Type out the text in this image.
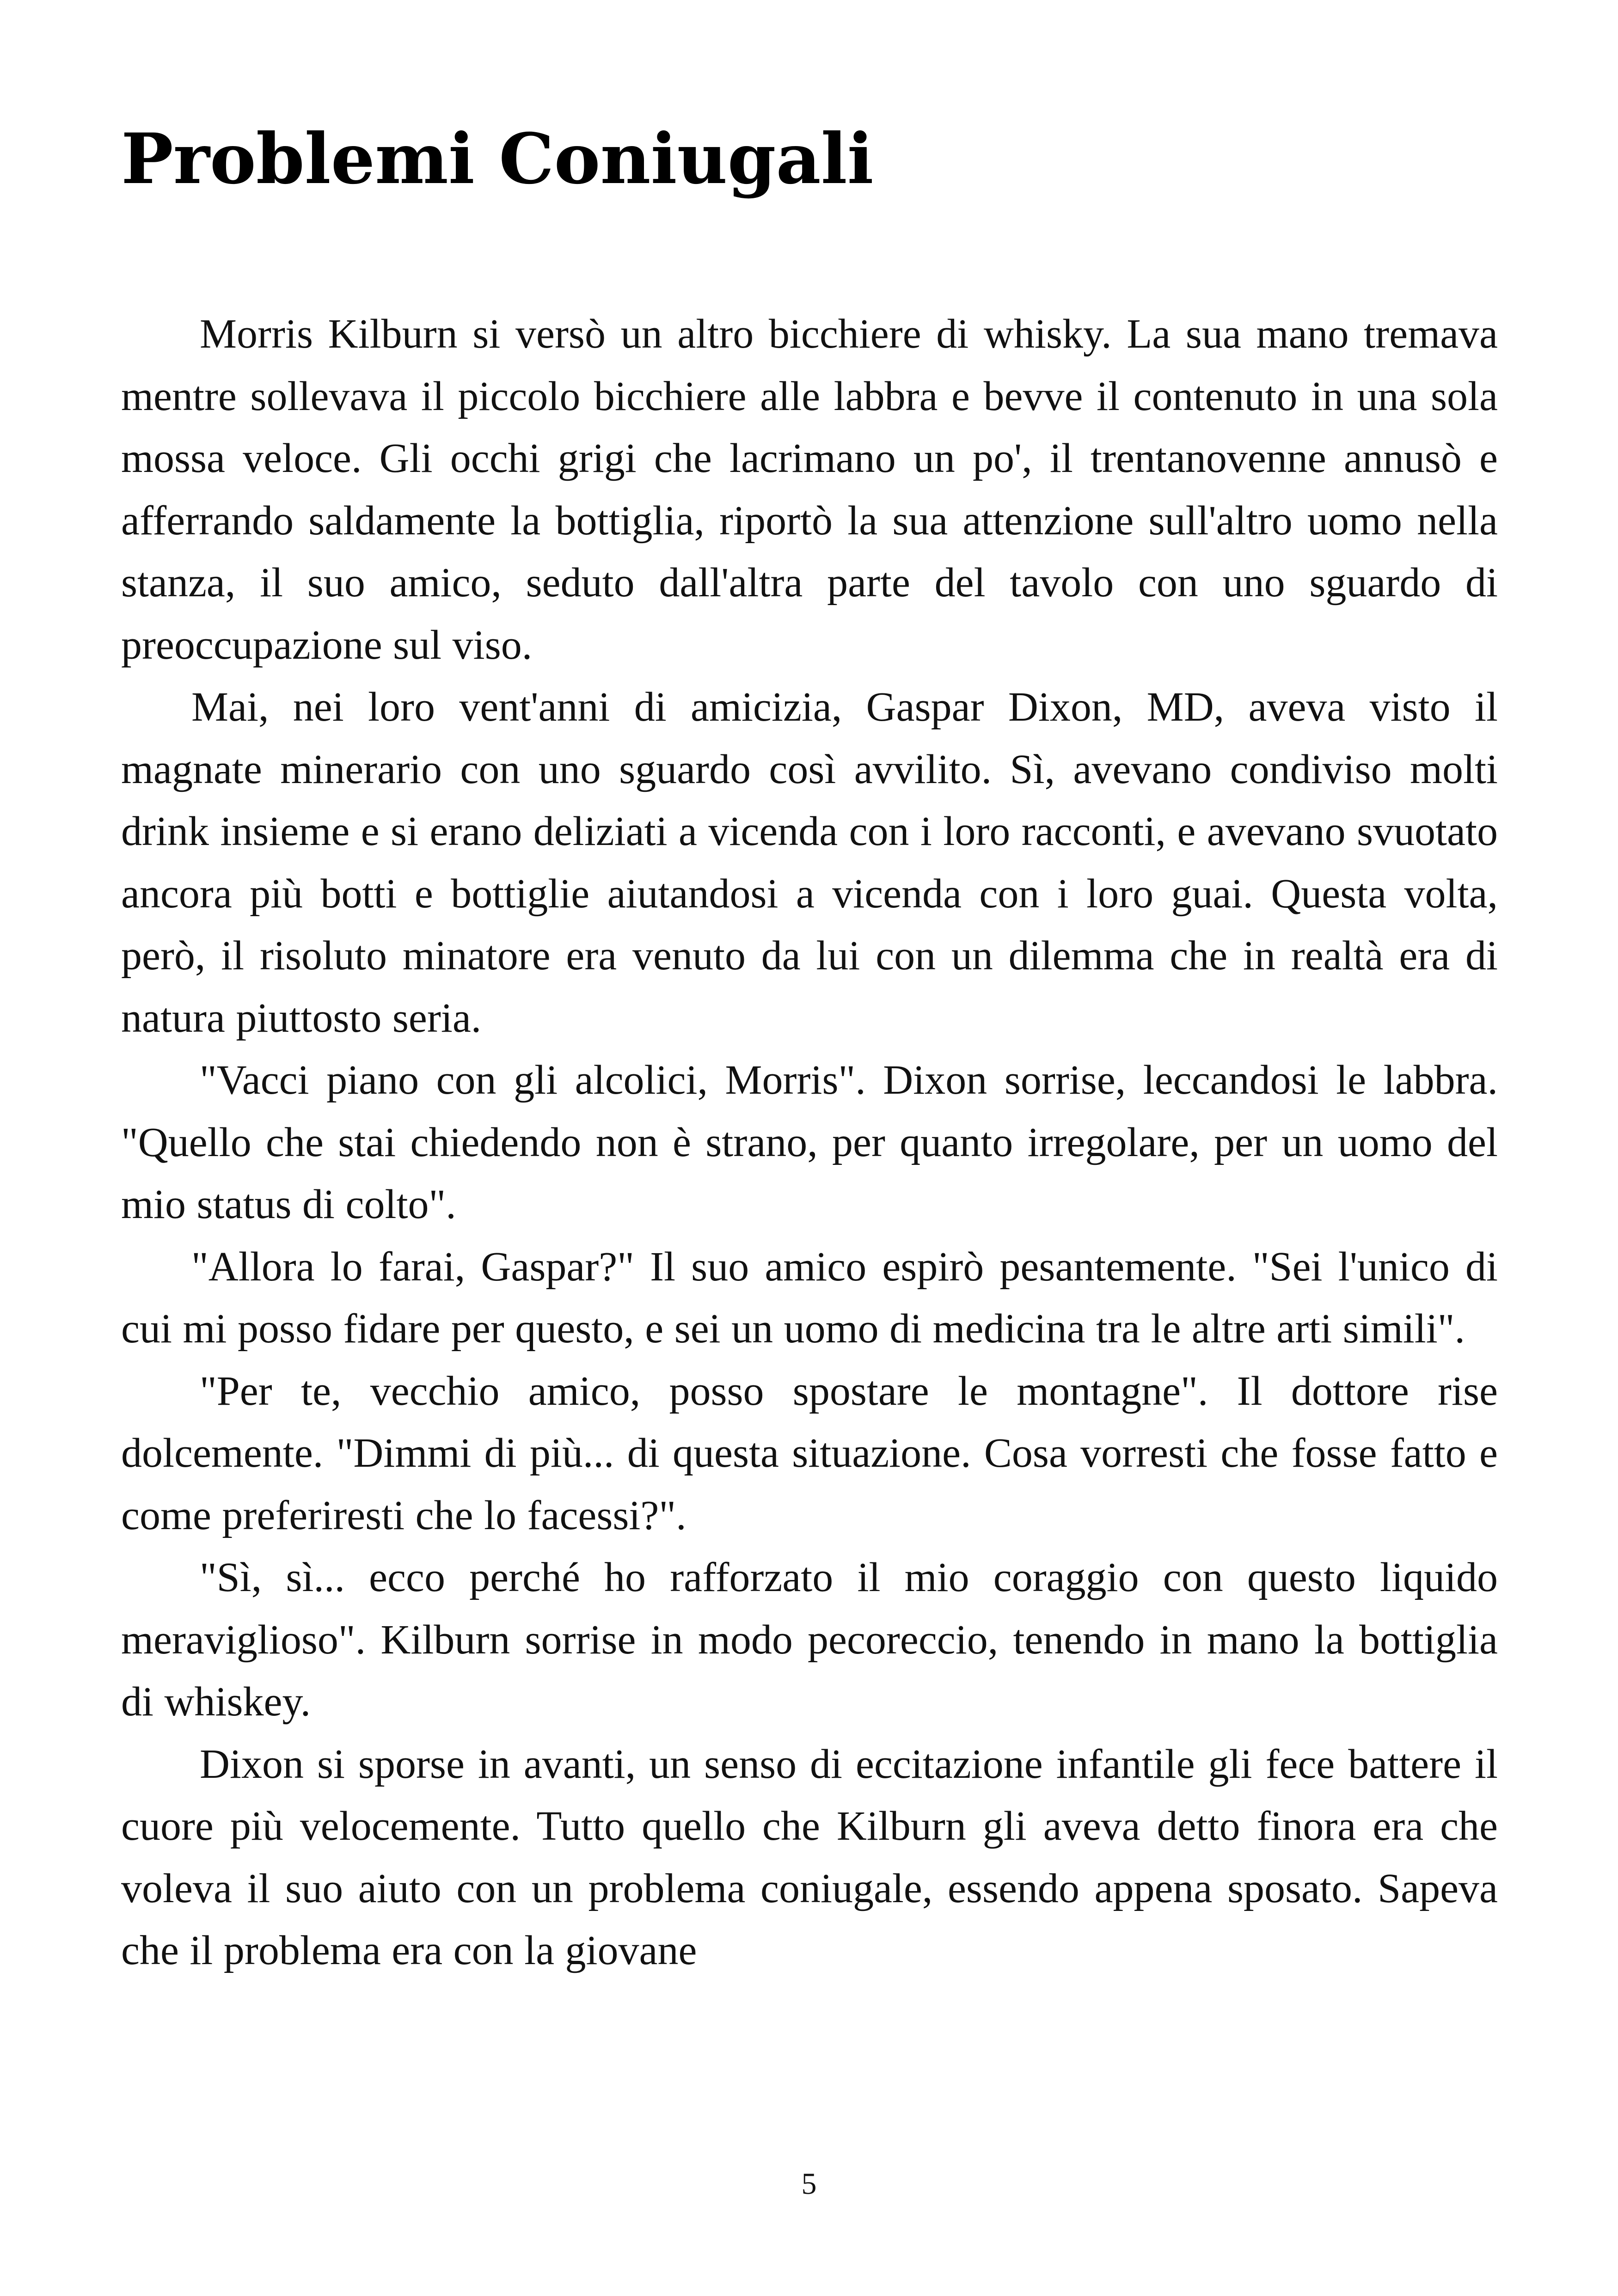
Problemi Coniugali

Morris Kilburn si versò un altro bicchiere di whisky. La sua mano tremava mentre sollevava il piccolo bicchiere alle labbra e bevve il contenuto in una sola mossa veloce. Gli occhi grigi che lacrimano un po', il trentanovenne annusò e afferrando saldamente la bottiglia, riportò la sua attenzione sull'altro uomo nella stanza, il suo amico, seduto dall'altra parte del tavolo con uno sguardo di preoccupazione sul viso.

Mai, nei loro vent'anni di amicizia, Gaspar Dixon, MD, aveva visto il magnate minerario con uno sguardo così avvilito. Sì, avevano condiviso molti drink insieme e si erano deliziati a vicenda con i loro racconti, e avevano svuotato ancora più botti e bottiglie aiutandosi a vicenda con i loro guai. Questa volta, però, il risoluto minatore era venuto da lui con un dilemma che in realtà era di natura piuttosto seria.

"Vacci piano con gli alcolici, Morris". Dixon sorrise, leccandosi le labbra. "Quello che stai chiedendo non è strano, per quanto irregolare, per un uomo del mio status di colto".

"Allora lo farai, Gaspar?" Il suo amico espirò pesantemente. "Sei l'unico di cui mi posso fidare per questo, e sei un uomo di medicina tra le altre arti simili".

"Per te, vecchio amico, posso spostare le montagne". Il dottore rise dolcemente. "Dimmi di più... di questa situazione. Cosa vorresti che fosse fatto e come preferiresti che lo facessi?".

"Sì, sì... ecco perché ho rafforzato il mio coraggio con questo liquido meraviglioso". Kilburn sorrise in modo pecoreccio, tenendo in mano la bottiglia di whiskey.

Dixon si sporse in avanti, un senso di eccitazione infantile gli fece battere il cuore più velocemente. Tutto quello che Kilburn gli aveva detto finora era che voleva il suo aiuto con un problema coniugale, essendo appena sposato. Sapeva che il problema era con la giovane

5
